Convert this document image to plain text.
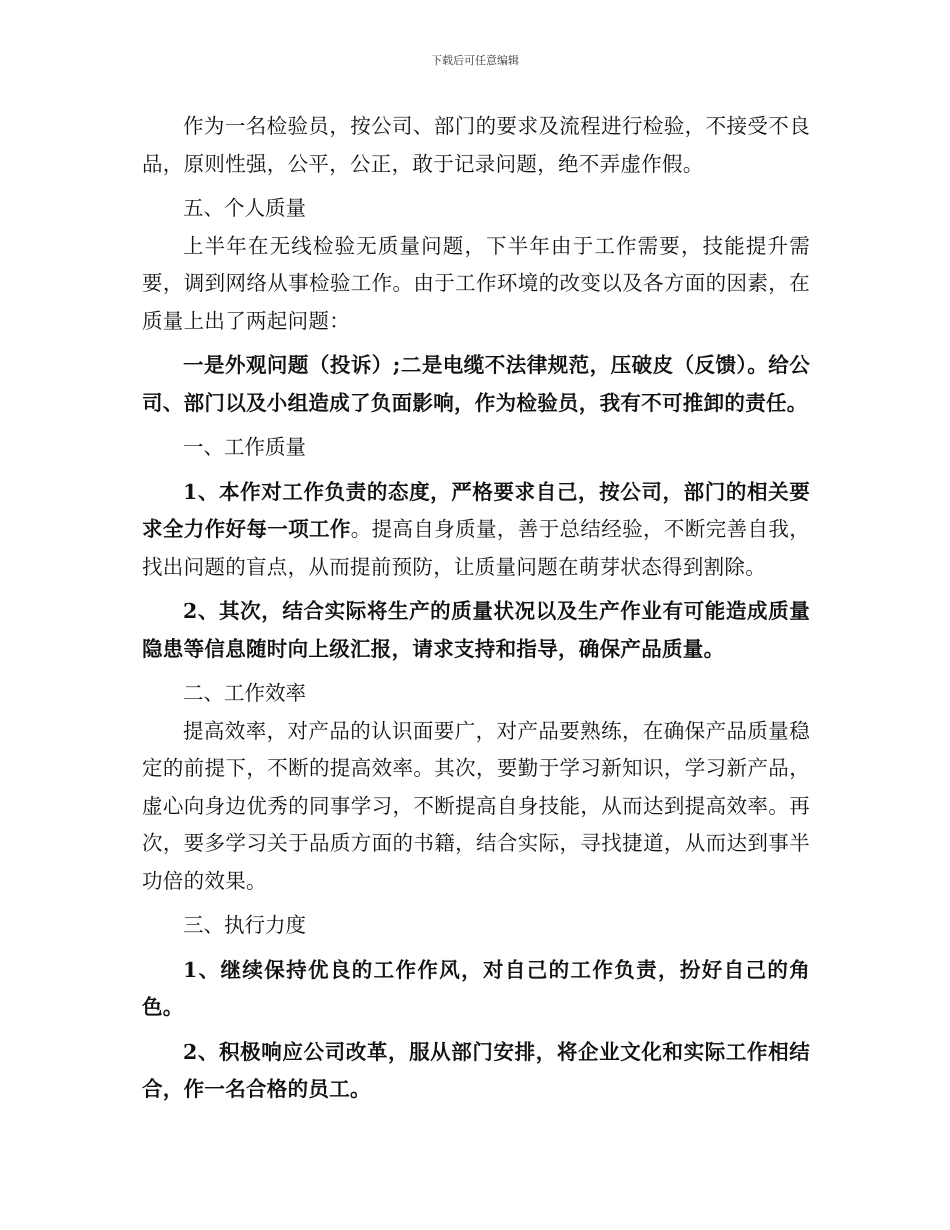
下载后可任意编辑

作为一名检验员，按公司、部门的要求及流程进行检验，不接受不良品，原则性强，公平，公正，敢于记录问题，绝不弄虚作假。

五、个人质量

上半年在无线检验无质量问题，下半年由于工作需要，技能提升需要，调到网络从事检验工作。由于工作环境的改变以及各方面的因素，在质量上出了两起问题：

一是外观问题（投诉）;二是电缆不法律规范，压破皮（反馈）。给公司、部门以及小组造成了负面影响，作为检验员，我有不可推卸的责任。

一、工作质量

1、本作对工作负责的态度，严格要求自己，按公司，部门的相关要求全力作好每一项工作。提高自身质量，善于总结经验，不断完善自我，找出问题的盲点，从而提前预防，让质量问题在萌芽状态得到割除。

2、其次，结合实际将生产的质量状况以及生产作业有可能造成质量隐患等信息随时向上级汇报，请求支持和指导，确保产品质量。

二、工作效率

提高效率，对产品的认识面要广，对产品要熟练，在确保产品质量稳定的前提下，不断的提高效率。其次，要勤于学习新知识，学习新产品，虚心向身边优秀的同事学习，不断提高自身技能，从而达到提高效率。再次，要多学习关于品质方面的书籍，结合实际，寻找捷道，从而达到事半功倍的效果。

三、执行力度

1、继续保持优良的工作作风，对自己的工作负责，扮好自己的角色。

2、积极响应公司改革，服从部门安排，将企业文化和实际工作相结合，作一名合格的员工。
